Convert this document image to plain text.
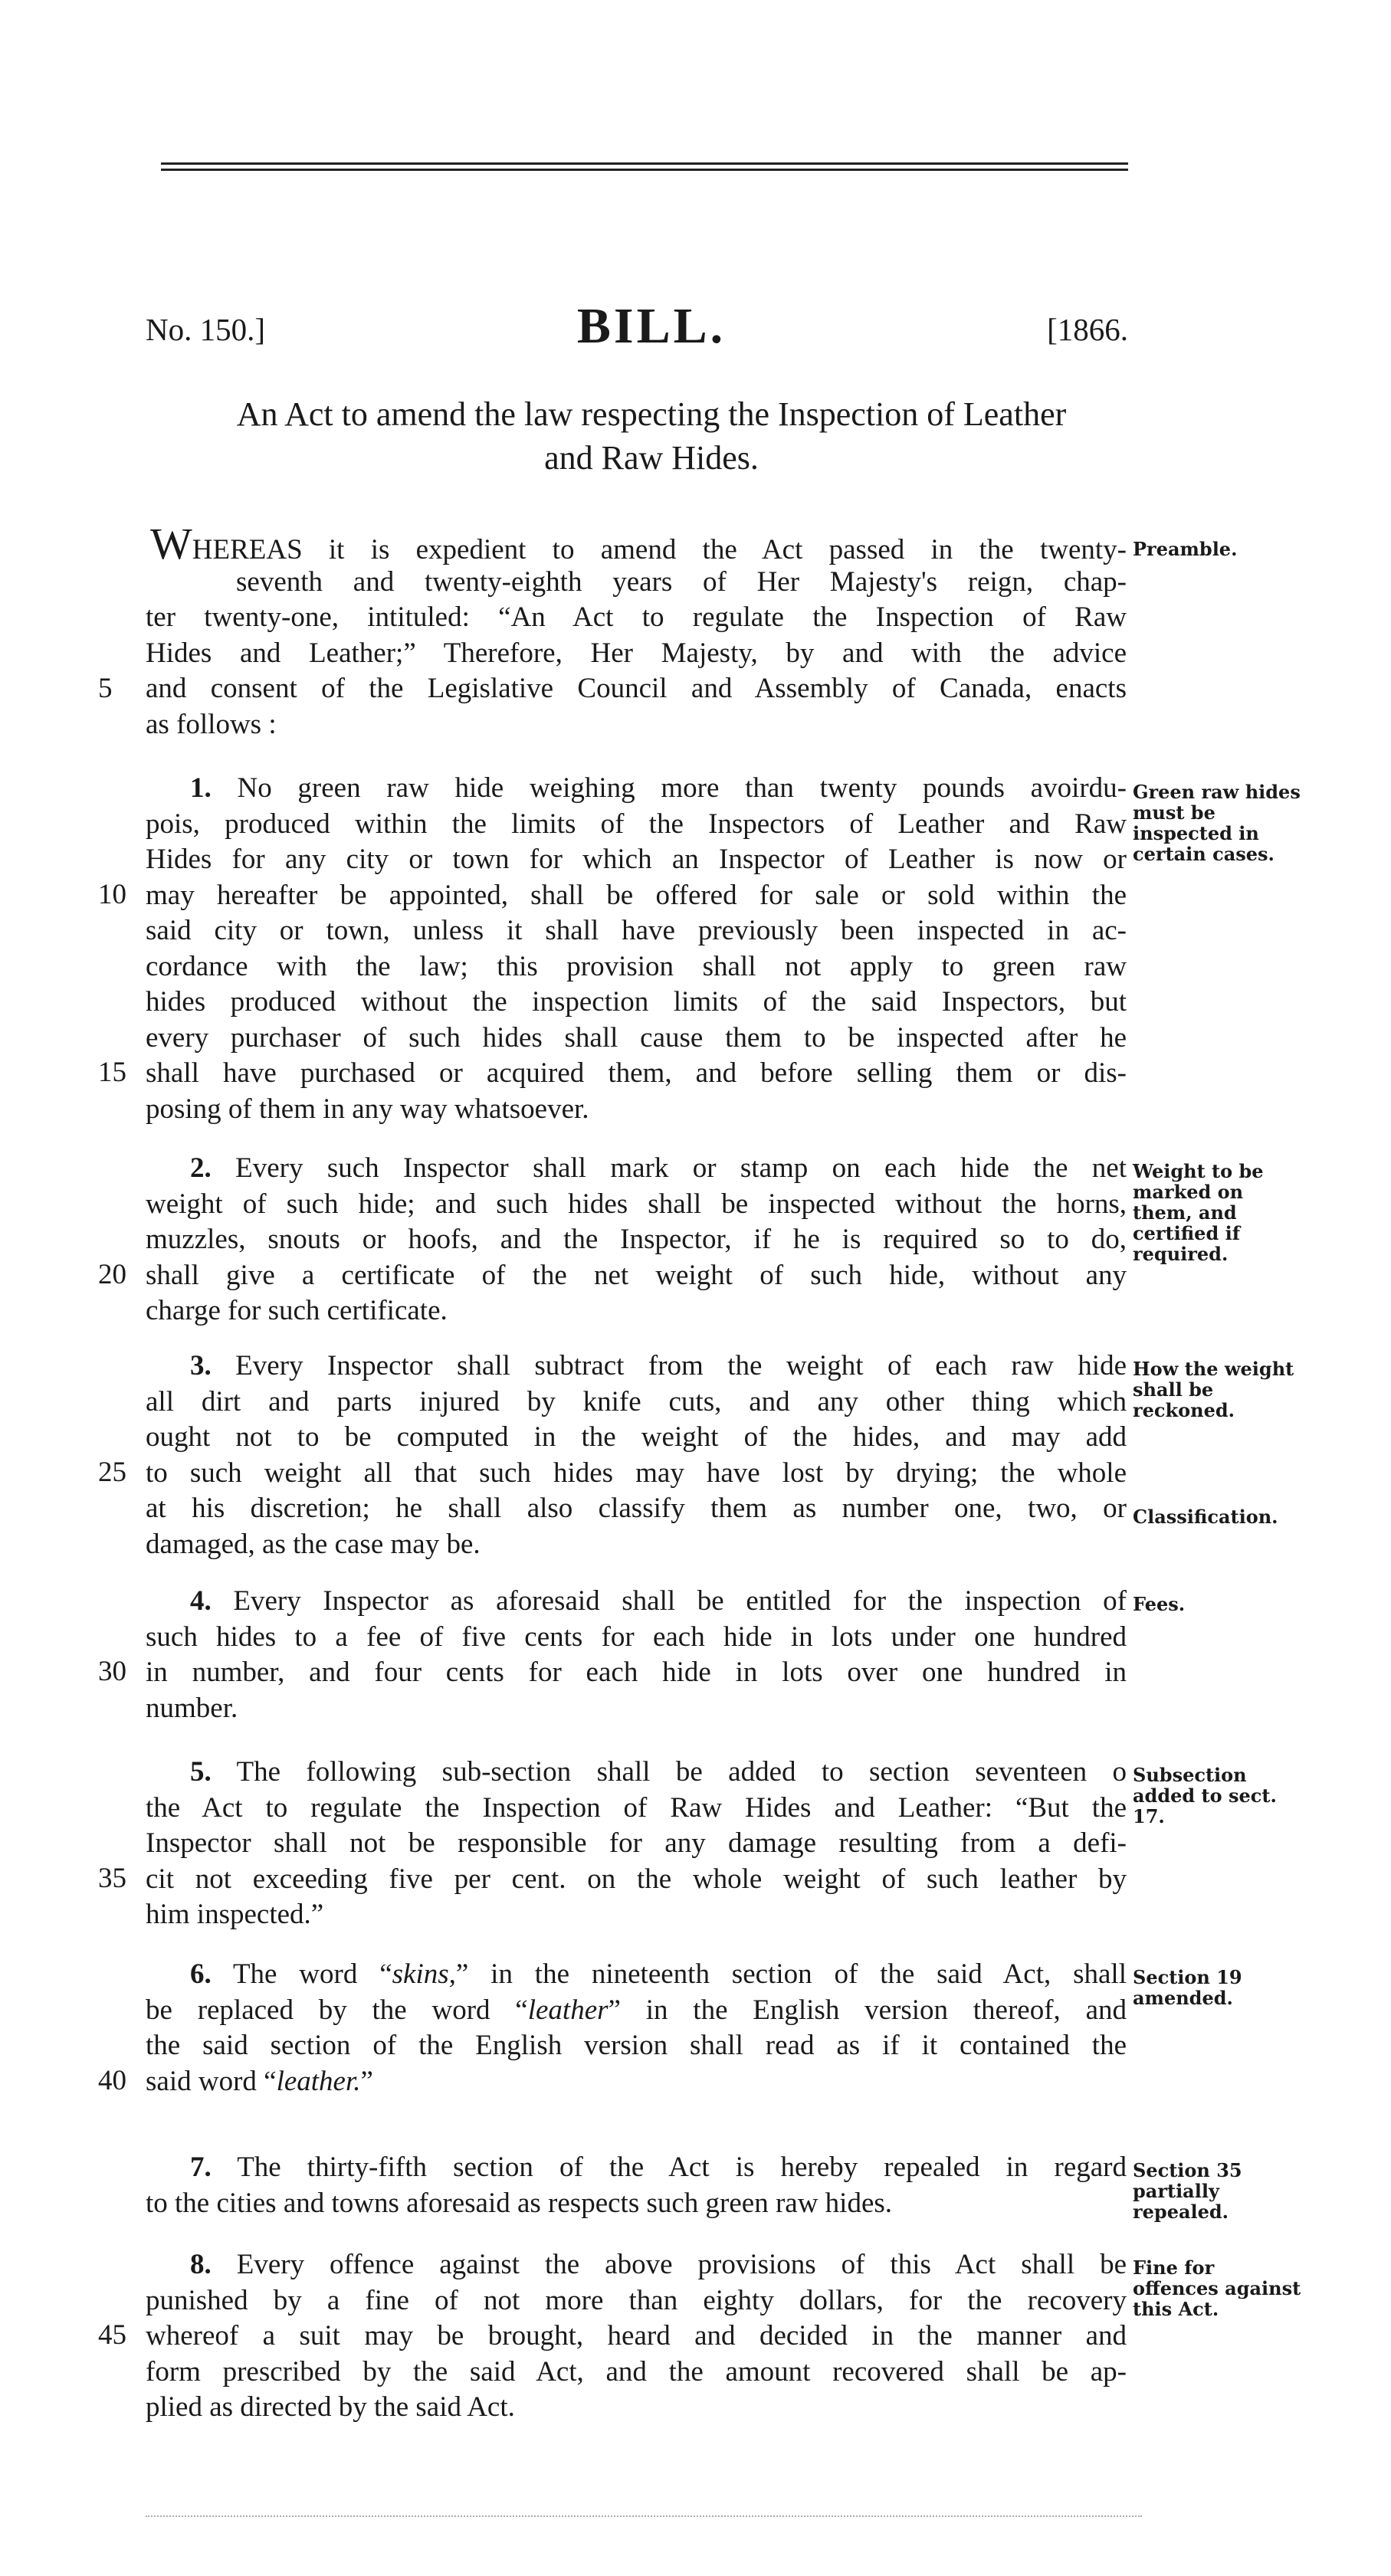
No. 150.]	BILL.	[1866.
An Act to amend the law respecting the Inspection of Leather
and Raw Hides.
WHEREAS it is expedient to amend the Act passed in the twenty-
seventh and twenty-eighth years of Her Majesty's reign, chap-
ter twenty-one, intituled: “An Act to regulate the Inspection of Raw
Hides and Leather;” Therefore, Her Majesty, by and with the advice
and consent of the Legislative Council and Assembly of Canada, enacts
as follows :
Preamble.
1. No green raw hide weighing more than twenty pounds avoirdu-
pois, produced within the limits of the Inspectors of Leather and Raw
Hides for any city or town for which an Inspector of Leather is now or
may hereafter be appointed, shall be offered for sale or sold within the
said city or town, unless it shall have previously been inspected in ac-
cordance with the law; this provision shall not apply to green raw
hides produced without the inspection limits of the said Inspectors, but
every purchaser of such hides shall cause them to be inspected after he
shall have purchased or acquired them, and before selling them or dis-
posing of them in any way whatsoever.
Green raw hides must be inspected in certain cases.
2. Every such Inspector shall mark or stamp on each hide the net
weight of such hide; and such hides shall be inspected without the horns,
muzzles, snouts or hoofs, and the Inspector, if he is required so to do,
shall give a certificate of the net weight of such hide, without any
charge for such certificate.
Weight to be marked on them, and certified if required.
3. Every Inspector shall subtract from the weight of each raw hide
all dirt and parts injured by knife cuts, and any other thing which
ought not to be computed in the weight of the hides, and may add
to such weight all that such hides may have lost by drying; the whole
at his discretion; he shall also classify them as number one, two, or
damaged, as the case may be.
How the weight shall be reckoned.
Classification.
4. Every Inspector as aforesaid shall be entitled for the inspection of
such hides to a fee of five cents for each hide in lots under one hundred
in number, and four cents for each hide in lots over one hundred in
number.
Fees.
5. The following sub-section shall be added to section seventeen o
the Act to regulate the Inspection of Raw Hides and Leather: “But the
Inspector shall not be responsible for any damage resulting from a defi-
cit not exceeding five per cent. on the whole weight of such leather by
him inspected.”
Subsection added to sect. 17.
6. The word “skins,” in the nineteenth section of the said Act, shall
be replaced by the word “leather” in the English version thereof, and
the said section of the English version shall read as if it contained the
said word “leather.”
Section 19 amended.
7. The thirty-fifth section of the Act is hereby repealed in regard
to the cities and towns aforesaid as respects such green raw hides.
Section 35 partially repealed.
8. Every offence against the above provisions of this Act shall be
punished by a fine of not more than eighty dollars, for the recovery
whereof a suit may be brought, heard and decided in the manner and
form prescribed by the said Act, and the amount recovered shall be ap-
plied as directed by the said Act.
Fine for offences against this Act.
5
10
15
20
25
30
35
40
45
